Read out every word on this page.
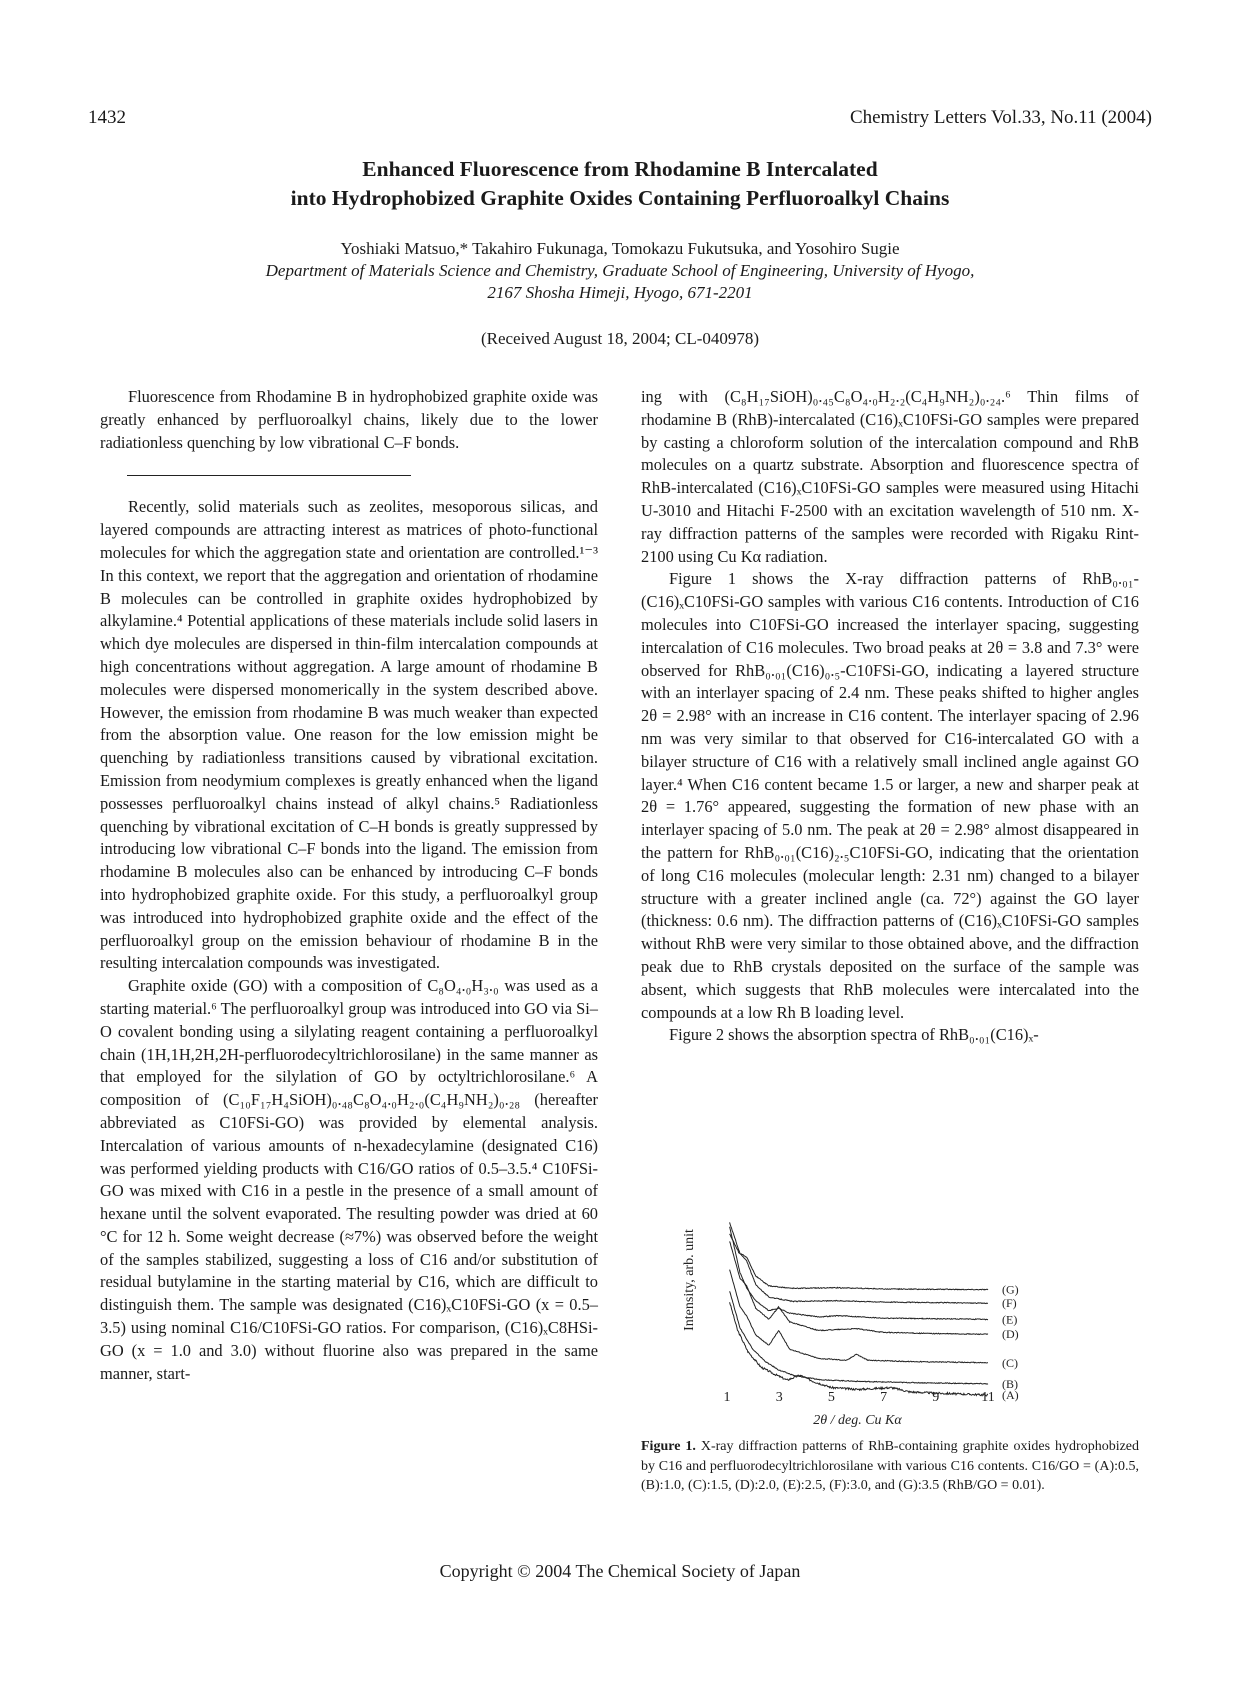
1432	Chemistry Letters Vol.33, No.11 (2004)
Enhanced Fluorescence from Rhodamine B Intercalated
into Hydrophobized Graphite Oxides Containing Perfluoroalkyl Chains
Yoshiaki Matsuo,* Takahiro Fukunaga, Tomokazu Fukutsuka, and Yosohiro Sugie
Department of Materials Science and Chemistry, Graduate School of Engineering, University of Hyogo,
2167 Shosha Himeji, Hyogo, 671-2201
(Received August 18, 2004; CL-040978)

Fluorescence from Rhodamine B in hydrophobized graphite oxide was greatly enhanced by perfluoroalkyl chains, likely due to the lower radiationless quenching by low vibrational C–F bonds.

Recently, solid materials such as zeolites, mesoporous silicas, and layered compounds are attracting interest as matrices of photo-functional molecules for which the aggregation state and orientation are controlled.¹⁻³ In this context, we report that the aggregation and orientation of rhodamine B molecules can be controlled in graphite oxides hydrophobized by alkylamine.⁴ Potential applications of these materials include solid lasers in which dye molecules are dispersed in thin-film intercalation compounds at high concentrations without aggregation. A large amount of rhodamine B molecules were dispersed monomerically in the system described above. However, the emission from rhodamine B was much weaker than expected from the absorption value. One reason for the low emission might be quenching by radiationless transitions caused by vibrational excitation. Emission from neodymium complexes is greatly enhanced when the ligand possesses perfluoroalkyl chains instead of alkyl chains.⁵ Radiationless quenching by vibrational excitation of C–H bonds is greatly suppressed by introducing low vibrational C–F bonds into the ligand. The emission from rhodamine B molecules also can be enhanced by introducing C–F bonds into hydrophobized graphite oxide. For this study, a perfluoroalkyl group was introduced into hydrophobized graphite oxide and the effect of the perfluoroalkyl group on the emission behaviour of rhodamine B in the resulting intercalation compounds was investigated.

Graphite oxide (GO) with a composition of C₈O₄.₀H₃.₀ was used as a starting material.⁶ The perfluoroalkyl group was introduced into GO via Si–O covalent bonding using a silylating reagent containing a perfluoroalkyl chain (1H,1H,2H,2H-perfluorodecyltrichlorosilane) in the same manner as that employed for the silylation of GO by octyltrichlorosilane.⁶ A composition of (C₁₀F₁₇H₄SiOH)₀.₄₈C₈O₄.₀H₂.₀(C₄H₉NH₂)₀.₂₈ (hereafter abbreviated as C10FSi-GO) was provided by elemental analysis. Intercalation of various amounts of n-hexadecylamine (designated C16) was performed yielding products with C16/GO ratios of 0.5–3.5.⁴ C10FSi-GO was mixed with C16 in a pestle in the presence of a small amount of hexane until the solvent evaporated. The resulting powder was dried at 60 °C for 12 h. Some weight decrease (≈7%) was observed before the weight of the samples stabilized, suggesting a loss of C16 and/or substitution of residual butylamine in the starting material by C16, which are difficult to distinguish them. The sample was designated (C16)ₓC10FSi-GO (x = 0.5–3.5) using nominal C16/C10FSi-GO ratios. For comparison, (C16)ₓC8HSi-GO (x = 1.0 and 3.0) without fluorine also was prepared in the same manner, start-

ing with (C₈H₁₇SiOH)₀.₄₅C₈O₄.₀H₂.₂(C₄H₉NH₂)₀.₂₄.⁶ Thin films of rhodamine B (RhB)-intercalated (C16)ₓC10FSi-GO samples were prepared by casting a chloroform solution of the intercalation compound and RhB molecules on a quartz substrate. Absorption and fluorescence spectra of RhB-intercalated (C16)ₓC10FSi-GO samples were measured using Hitachi U-3010 and Hitachi F-2500 with an excitation wavelength of 510 nm. X-ray diffraction patterns of the samples were recorded with Rigaku Rint-2100 using Cu Kα radiation.

Figure 1 shows the X-ray diffraction patterns of RhB₀.₀₁-(C16)ₓC10FSi-GO samples with various C16 contents. Introduction of C16 molecules into C10FSi-GO increased the interlayer spacing, suggesting intercalation of C16 molecules. Two broad peaks at 2θ = 3.8 and 7.3° were observed for RhB₀.₀₁(C16)₀.₅-C10FSi-GO, indicating a layered structure with an interlayer spacing of 2.4 nm. These peaks shifted to higher angles 2θ = 2.98° with an increase in C16 content. The interlayer spacing of 2.96 nm was very similar to that observed for C16-intercalated GO with a bilayer structure of C16 with a relatively small inclined angle against GO layer.⁴ When C16 content became 1.5 or larger, a new and sharper peak at 2θ = 1.76° appeared, suggesting the formation of new phase with an interlayer spacing of 5.0 nm. The peak at 2θ = 2.98° almost disappeared in the pattern for RhB₀.₀₁(C16)₂.₅C10FSi-GO, indicating that the orientation of long C16 molecules (molecular length: 2.31 nm) changed to a bilayer structure with a greater inclined angle (ca. 72°) against the GO layer (thickness: 0.6 nm). The diffraction patterns of (C16)ₓC10FSi-GO samples without RhB were very similar to those obtained above, and the diffraction peak due to RhB crystals deposited on the surface of the sample was absent, which suggests that RhB molecules were intercalated into the compounds at a low Rh B loading level.

Figure 2 shows the absorption spectra of RhB₀.₀₁(C16)ₓ-

(A)
(B)
(C)
(D)
(E)
(F)
(G)
1	3	5	7	9	11
Intensity, arb. unit
2θ / deg. Cu Kα
Figure 1. X-ray diffraction patterns of RhB-containing graphite oxides hydrophobized by C16 and perfluorodecyltrichlorosilane with various C16 contents. C16/GO = (A):0.5, (B):1.0, (C):1.5, (D):2.0, (E):2.5, (F):3.0, and (G):3.5 (RhB/GO = 0.01).
Copyright © 2004 The Chemical Society of Japan
